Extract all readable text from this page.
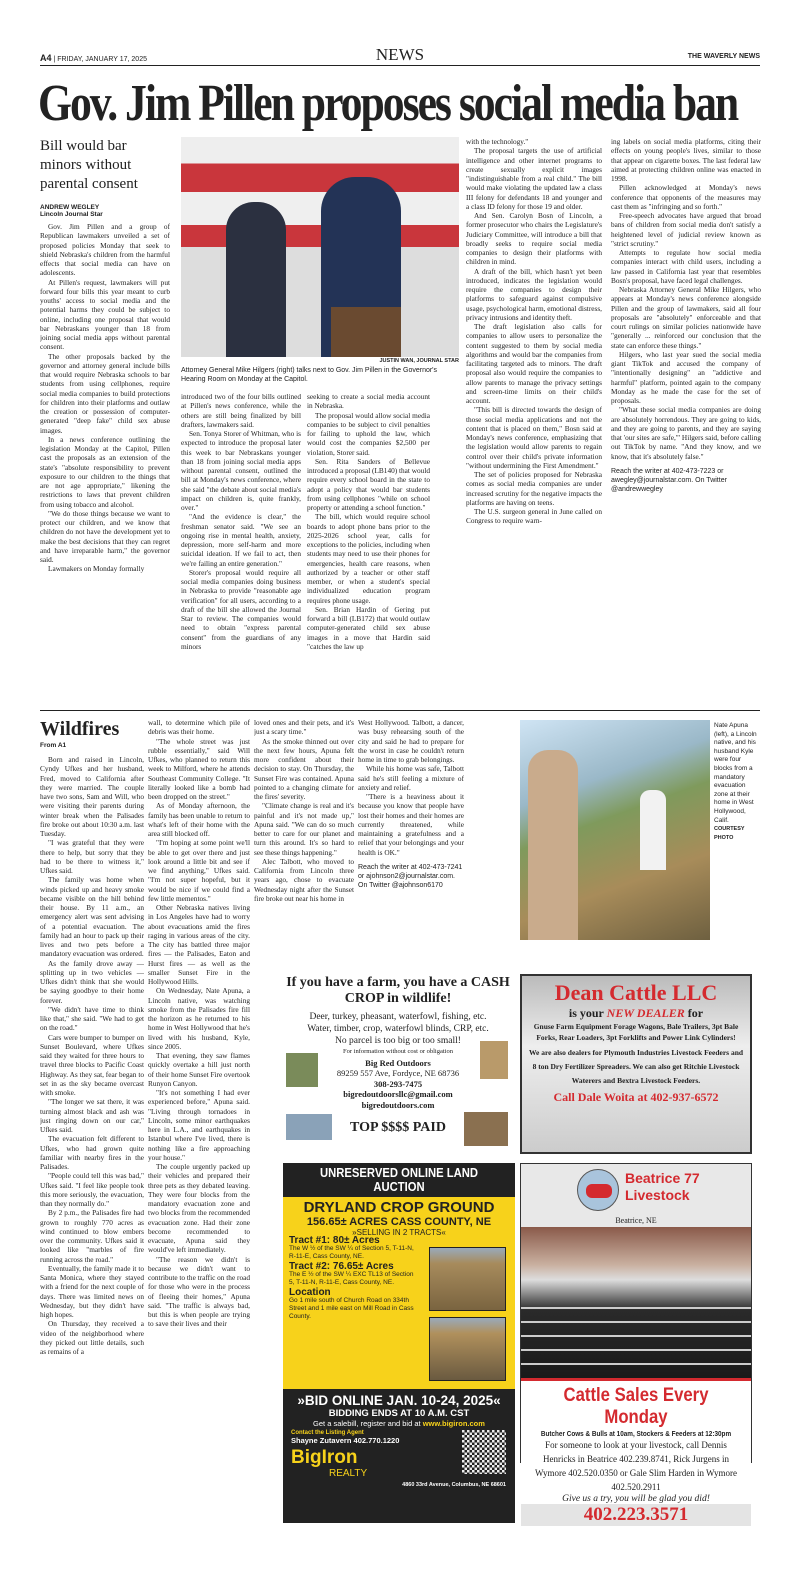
A4 | FRIDAY, JANUARY 17, 2025	NEWS	THE WAVERLY NEWS
Gov. Jim Pillen proposes social media ban
Bill would bar minors without parental consent
ANDREW WEGLEY
Lincoln Journal Star

Gov. Jim Pillen and a group of Republican lawmakers unveiled a set of proposed policies Monday that seek to shield Nebraska's children from the harmful effects that social media can have on adolescents.

At Pillen's request, lawmakers will put forward four bills this year meant to curb youths' access to social media and the potential harms they could be subject to online, including one proposal that would bar Nebraskans younger than 18 from joining social media apps without parental consent.

The other proposals backed by the governor and attorney general include bills that would require Nebraska schools to bar students from using cellphones, require social media companies to build protections for children into their platforms and outlaw the creation or possession of computer-generated "deep fake" child sex abuse images.

In a news conference outlining the legislation Monday at the Capitol, Pillen cast the proposals as an extension of the state's "absolute responsibility to prevent exposure to our children to the things that are not age appropriate," likening the restrictions to laws that prevent children from using tobacco and alcohol.

"We do those things because we want to protect our children, and we know that children do not have the development yet to make the best decisions that they can regret and have irreparable harm," the governor said.

Lawmakers on Monday formally

JUSTIN WAN, JOURNAL STAR
Attorney General Mike Hilgers (right) talks next to Gov. Jim Pillen in the Governor's Hearing Room on Monday at the Capitol.

introduced two of the four bills outlined at Pillen's news conference, while the others are still being finalized by bill drafters, lawmakers said.

Sen. Tonya Storer of Whitman, who is expected to introduce the proposal later this week to bar Nebraskans younger than 18 from joining social media apps without parental consent, outlined the bill at Monday's news conference, where she said "the debate about social media's impact on children is, quite frankly, over."

"And the evidence is clear," the freshman senator said. "We see an ongoing rise in mental health, anxiety, depression, more self-harm and more suicidal ideation. If we fail to act, then we're failing an entire generation."

Storer's proposal would require all social media companies doing business in Nebraska to provide "reasonable age verification" for all users, according to a draft of the bill she allowed the Journal Star to review. The companies would need to obtain "express parental consent" from the guardians of any minors

seeking to create a social media account in Nebraska.

The proposal would allow social media companies to be subject to civil penalties for failing to uphold the law, which would cost the companies $2,500 per violation, Storer said.

Sen. Rita Sanders of Bellevue introduced a proposal (LB140) that would require every school board in the state to adopt a policy that would bar students from using cellphones "while on school property or attending a school function."

The bill, which would require school boards to adopt phone bans prior to the 2025-2026 school year, calls for exceptions to the policies, including when students may need to use their phones for emergencies, health care reasons, when authorized by a teacher or other staff member, or when a student's special individualized education program requires phone usage.

Sen. Brian Hardin of Gering put forward a bill (LB172) that would outlaw computer-generated child sex abuse images in a move that Hardin said "catches the law up

with the technology."

The proposal targets the use of artificial intelligence and other internet programs to create sexually explicit images "indistinguishable from a real child." The bill would make violating the updated law a class III felony for defendants 18 and younger and a class ID felony for those 19 and older.

And Sen. Carolyn Bosn of Lincoln, a former prosecutor who chairs the Legislature's Judiciary Committee, will introduce a bill that broadly seeks to require social media companies to design their platforms with children in mind.

A draft of the bill, which hasn't yet been introduced, indicates the legislation would require the companies to design their platforms to safeguard against compulsive usage, psychological harm, emotional distress, privacy intrusions and identity theft.

The draft legislation also calls for companies to allow users to personalize the content suggested to them by social media algorithms and would bar the companies from facilitating targeted ads to minors. The draft proposal also would require the companies to allow parents to manage the privacy settings and screen-time limits on their child's account.

"This bill is directed towards the design of those social media applications and not the content that is placed on them," Bosn said at Monday's news conference, emphasizing that the legislation would allow parents to regain control over their child's private information "without undermining the First Amendment."

The set of policies proposed for Nebraska comes as social media companies are under increased scrutiny for the negative impacts the platforms are having on teens.

The U.S. surgeon general in June called on Congress to require warn-

ing labels on social media platforms, citing their effects on young people's lives, similar to those that appear on cigarette boxes. The last federal law aimed at protecting children online was enacted in 1998.

Pillen acknowledged at Monday's news conference that opponents of the measures may cast them as "infringing and so forth."

Free-speech advocates have argued that broad bans of children from social media don't satisfy a heightened level of judicial review known as "strict scrutiny."

Attempts to regulate how social media companies interact with child users, including a law passed in California last year that resembles Bosn's proposal, have faced legal challenges.

Nebraska Attorney General Mike Hilgers, who appears at Monday's news conference alongside Pillen and the group of lawmakers, said all four proposals are "absolutely" enforceable and that court rulings on similar policies nationwide have "generally ... reinforced our conclusion that the state can enforce these things."

Hilgers, who last year sued the social media giant TikTok and accused the company of "intentionally designing" an "addictive and harmful" platform, pointed again to the company Monday as he made the case for the set of proposals.

"What these social media companies are doing are absolutely horrendous. They are going to kids, and they are going to parents, and they are saying that 'our sites are safe,'" Hilgers said, before calling out TikTok by name. "And they know, and we know, that it's absolutely false."

Reach the writer at 402-473-7223 or awegley@journalstar.com. On Twitter @andrewwegley
Wildfires
From A1

Born and raised in Lincoln, Cyndy Ufkes and her husband, Fred, moved to California after they were married. The couple have two sons, Sam and Will, who were visiting their parents during winter break when the Palisades fire broke out about 10:30 a.m. last Tuesday.

"I was grateful that they were there to help, but sorry that they had to be there to witness it," Ufkes said.

The family was home when winds picked up and heavy smoke became visible on the hill behind their house. By 11 a.m., an emergency alert was sent advising of a potential evacuation. The family had an hour to pack up their lives and two pets before a mandatory evacuation was ordered.

As the family drove away — splitting up in two vehicles — Ufkes didn't think that she would be saying goodbye to their home forever.

"We didn't have time to think like that," she said. "We had to get on the road."

Cars were bumper to bumper on Sunset Boulevard, where Ufkes said they waited for three hours to travel three blocks to Pacific Coast Highway. As they sat, fear began to set in as the sky became overcast with smoke.

"The longer we sat there, it was turning almost black and ash was just ringing down on our car," Ufkes said.

The evacuation felt different to Ufkes, who had grown quite familiar with nearby fires in the Palisades.

"People could tell this was bad," Ufkes said. "I feel like people took this more seriously, the evacuation, than they normally do."

By 2 p.m., the Palisades fire had grown to roughly 770 acres as wind continued to blow embers over the community. Ufkes said it looked like "marbles of fire running across the road."

Eventually, the family made it to Santa Monica, where they stayed with a friend for the next couple of days. There was limited news on Wednesday, but they didn't have high hopes.

On Thursday, they received a video of the neighborhood where they picked out little details, such as remains of a

wall, to determine which pile of debris was their home.

"The whole street was just rubble essentially," said Will Ufkes, who planned to return this week to Milford, where he attends Southeast Community College. "It literally looked like a bomb had been dropped on the street."

As of Monday afternoon, the family has been unable to return to what's left of their home with the area still blocked off.

"I'm hoping at some point we'll be able to get over there and just look around a little bit and see if we find anything," Ufkes said. "I'm not super hopeful, but it would be nice if we could find a few little mementos."

Other Nebraska natives living in Los Angeles have had to worry about evacuations amid the fires raging in various areas of the city. The city has battled three major fires — the Palisades, Eaton and Hurst fires — as well as the smaller Sunset Fire in the Hollywood Hills.

On Wednesday, Nate Apuna, a Lincoln native, was watching smoke from the Palisades fire fill the horizon as he returned to his home in West Hollywood that he's lived with his husband, Kyle, since 2005.

That evening, they saw flames quickly overtake a hill just north of their home Sunset Fire overtook Runyon Canyon.

"It's not something I had ever experienced before," Apuna said. "Living through tornadoes in Lincoln, some minor earthquakes here in L.A., and earthquakes in Istanbul where I've lived, there is nothing like a fire approaching your house."

The couple urgently packed up their vehicles and prepared their three pets as they debated leaving. They were four blocks from the mandatory evacuation zone and two blocks from the recommended evacuation zone. Had their zone become recommended to evacuate, Apuna said they would've left immediately.

"The reason we didn't is because we didn't want to contribute to the traffic on the road for those who were in the process of fleeing their homes," Apuna said. "The traffic is always bad, but this is when people are trying to save their lives and their

loved ones and their pets, and it's just a scary time."

As the smoke thinned out over the next few hours, Apuna felt more confident about their decision to stay. On Thursday, the Sunset Fire was contained. Apuna pointed to a changing climate for the fires' severity.

"Climate change is real and it's painful and it's not made up," Apuna said. "We can do so much better to care for our planet and turn this around. It's so hard to see these things happening."

Alec Talbott, who moved to California from Lincoln three years ago, chose to evacuate Wednesday night after the Sunset fire broke out near his home in

West Hollywood. Talbott, a dancer, was busy rehearsing south of the city and said he had to prepare for the worst in case he couldn't return home in time to grab belongings.

While his home was safe, Talbott said he's still feeling a mixture of anxiety and relief.

"There is a heaviness about it because you know that people have lost their homes and their homes are currently threatened, while maintaining a gratefulness and a relief that your belongings and your health is OK."

Reach the writer at 402-473-7241 or ajohnson2@journalstar.com. On Twitter @ajohnson6170
Nate Apuna (left), a Lincoln native, and his husband Kyle were four blocks from a mandatory evacuation zone at their home in West Hollywood, Calif.
COURTESY PHOTO
If you have a farm, you have a CASH CROP in wildlife!
Deer, turkey, pheasant, waterfowl, fishing, etc.
Water, timber, crop, waterfowl blinds, CRP, etc.
No parcel is too big or too small!
For information without cost or obligation
Big Red Outdoors
89259 557 Ave, Fordyce, NE 68736
308-293-7475
bigredoutdoorsllc@gmail.com
bigredoutdoors.com
TOP $$$$ PAID
Dean Cattle LLC
is your NEW DEALER for
Gnuse Farm Equipment Forage Wagons, Bale Trailers, 3pt Bale Forks, Rear Loaders, 3pt Forklifts and Power Link Cylinders!
We are also dealers for Plymouth Industries Livestock Feeders and 8 ton Dry Fertilizer Spreaders. We can also get Ritchie Livestock Waterers and Bextra Livestock Feeders.
Call Dale Woita at 402-937-6572
UNRESERVED ONLINE LAND AUCTION
DRYLAND CROP GROUND
156.65± ACRES CASS COUNTY, NE
»SELLING IN 2 TRACTS«
Tract #1: 80± Acres
The W ½ of the SW ¼ of Section 5, T-11-N, R-11-E, Cass County, NE.
Tract #2: 76.65± Acres
The E ½ of the SW ¼ EXC TL13 of Section 5, T-11-N, R-11-E, Cass County, NE.
Location
Go 1 mile south of Church Road on 334th Street and 1 mile east on Mill Road in Cass County.
»BID ONLINE JAN. 10-24, 2025«
BIDDING ENDS AT 10 A.M. CST
Get a salebill, register and bid at www.bigiron.com
Contact the Listing Agent
Shayne Zutavern 402.770.1220
BigIron
REALTY
4860 33rd Avenue, Columbus, NE 68601
Beatrice 77
Livestock
Beatrice, NE
Cattle Sales Every Monday
Butcher Cows & Bulls at 10am, Stockers & Feeders at 12:30pm
For someone to look at your livestock, call Dennis Henricks in Beatrice 402.239.8741, Rick Jurgens in Wymore 402.520.0350 or Gale Slim Harden in Wymore 402.520.2911
Give us a try, you will be glad you did!
402.223.3571
